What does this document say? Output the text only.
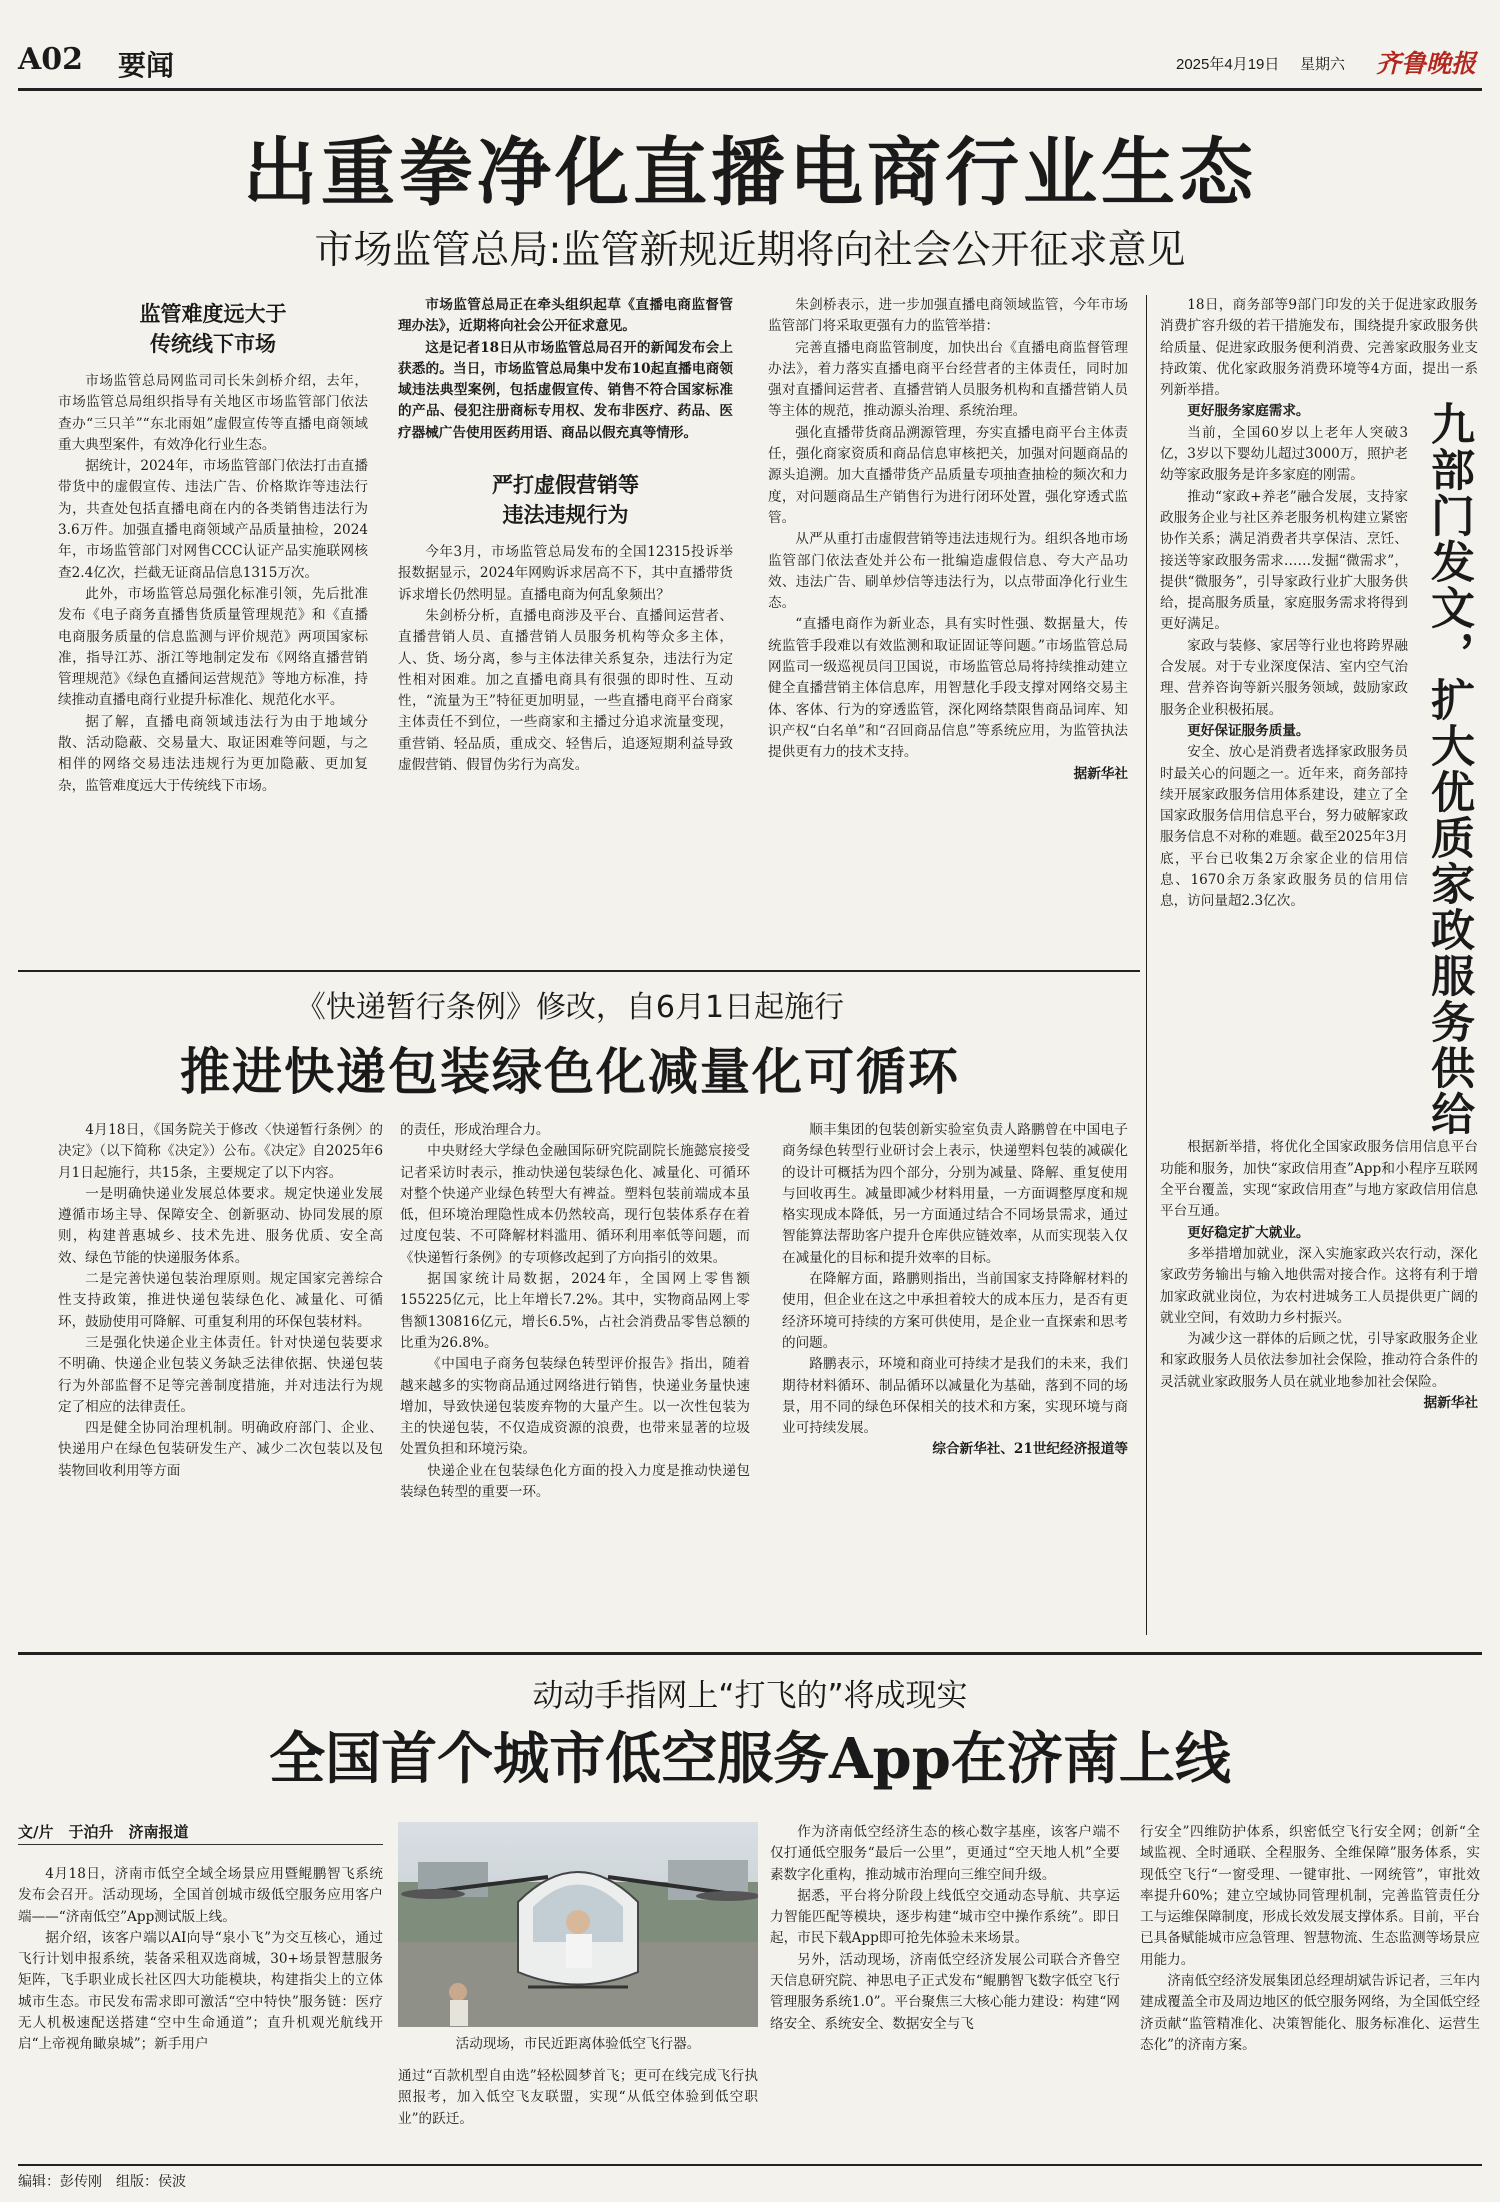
A02 要闻	2025年4月19日 星期六 齐鲁晚报
出重拳净化直播电商行业生态
市场监管总局:监管新规近期将向社会公开征求意见
监管难度远大于
传统线下市场

市场监管总局网监司司长朱剑桥介绍，去年，市场监管总局组织指导有关地区市场监管部门依法查办“三只羊”“东北雨姐”虚假宣传等直播电商领域重大典型案件，有效净化行业生态。

据统计，2024年，市场监管部门依法打击直播带货中的虚假宣传、违法广告、价格欺诈等违法行为，共查处包括直播电商在内的各类销售违法行为3.6万件。加强直播电商领域产品质量抽检，2024年，市场监管部门对网售CCC认证产品实施联网核查2.4亿次，拦截无证商品信息1315万次。

此外，市场监管总局强化标准引领，先后批准发布《电子商务直播售货质量管理规范》和《直播电商服务质量的信息监测与评价规范》两项国家标准，指导江苏、浙江等地制定发布《网络直播营销管理规范》《绿色直播间运营规范》等地方标准，持续推动直播电商行业提升标准化、规范化水平。

据了解，直播电商领域违法行为由于地域分散、活动隐蔽、交易量大、取证困难等问题，与之相伴的网络交易违法违规行为更加隐蔽、更加复杂，监管难度远大于传统线下市场。

市场监管总局正在牵头组织起草《直播电商监督管理办法》，近期将向社会公开征求意见。

这是记者18日从市场监管总局召开的新闻发布会上获悉的。当日，市场监管总局集中发布10起直播电商领域违法典型案例，包括虚假宣传、销售不符合国家标准的产品、侵犯注册商标专用权、发布非医疗、药品、医疗器械广告使用医药用语、商品以假充真等情形。

严打虚假营销等
违法违规行为

今年3月，市场监管总局发布的全国12315投诉举报数据显示，2024年网购诉求居高不下，其中直播带货诉求增长仍然明显。直播电商为何乱象频出？

朱剑桥分析，直播电商涉及平台、直播间运营者、直播营销人员、直播营销人员服务机构等众多主体，人、货、场分离，参与主体法律关系复杂，违法行为定性相对困难。加之直播电商具有很强的即时性、互动性，“流量为王”特征更加明显，一些直播电商平台商家主体责任不到位，一些商家和主播过分追求流量变现，重营销、轻品质，重成交、轻售后，追逐短期利益导致虚假营销、假冒伪劣行为高发。

朱剑桥表示，进一步加强直播电商领域监管，今年市场监管部门将采取更强有力的监管举措：

完善直播电商监管制度，加快出台《直播电商监督管理办法》，着力落实直播电商平台经营者的主体责任，同时加强对直播间运营者、直播营销人员服务机构和直播营销人员等主体的规范，推动源头治理、系统治理。

强化直播带货商品溯源管理，夯实直播电商平台主体责任，强化商家资质和商品信息审核把关，加强对问题商品的源头追溯。加大直播带货产品质量专项抽查抽检的频次和力度，对问题商品生产销售行为进行闭环处置，强化穿透式监管。

从严从重打击虚假营销等违法违规行为。组织各地市场监管部门依法查处并公布一批编造虚假信息、夸大产品功效、违法广告、刷单炒信等违法行为，以点带面净化行业生态。

“直播电商作为新业态，具有实时性强、数据量大，传统监管手段难以有效监测和取证固证等问题。”市场监管总局网监司一级巡视员闫卫国说，市场监管总局将持续推动建立健全直播营销主体信息库，用智慧化手段支撑对网络交易主体、客体、行为的穿透监管，深化网络禁限售商品词库、知识产权“白名单”和“召回商品信息”等系统应用，为监管执法提供更有力的技术支持。

据新华社

18日，商务部等9部门印发的关于促进家政服务消费扩容升级的若干措施发布，围绕提升家政服务供给质量、促进家政服务便利消费、完善家政服务业支持政策、优化家政服务消费环境等4方面，提出一系列新举措。

更好服务家庭需求。

当前，全国60岁以上老年人突破3亿，3岁以下婴幼儿超过3000万，照护老幼等家政服务是许多家庭的刚需。

推动“家政+养老”融合发展，支持家政服务企业与社区养老服务机构建立紧密协作关系；满足消费者共享保洁、烹饪、接送等家政服务需求……发掘“微需求”，提供“微服务”，引导家政行业扩大服务供给，提高服务质量，家庭服务需求将得到更好满足。

家政与装修、家居等行业也将跨界融合发展。对于专业深度保洁、室内空气治理、营养咨询等新兴服务领域，鼓励家政服务企业积极拓展。

更好保证服务质量。

安全、放心是消费者选择家政服务员时最关心的问题之一。近年来，商务部持续开展家政服务信用体系建设，建立了全国家政服务信用信息平台，努力破解家政服务信息不对称的难题。截至2025年3月底，平台已收集2万余家企业的信用信息、1670余万条家政服务员的信用信息，访问量超2.3亿次。	九部门发文，扩大优质家政服务供给

根据新举措，将优化全国家政服务信用信息平台功能和服务，加快“家政信用查”App和小程序互联网全平台覆盖，实现“家政信用查”与地方家政信用信息平台互通。

更好稳定扩大就业。

多举措增加就业，深入实施家政兴农行动，深化家政劳务输出与输入地供需对接合作。这将有利于增加家政就业岗位，为农村进城务工人员提供更广阔的就业空间，有效助力乡村振兴。

为减少这一群体的后顾之忧，引导家政服务企业和家政服务人员依法参加社会保险，推动符合条件的灵活就业家政服务人员在就业地参加社会保险。

据新华社

《快递暂行条例》修改，自6月1日起施行
推进快递包装绿色化减量化可循环

4月18日，《国务院关于修改〈快递暂行条例〉的决定》（以下简称《决定》）公布。《决定》自2025年6月1日起施行，共15条，主要规定了以下内容。

一是明确快递业发展总体要求。规定快递业发展遵循市场主导、保障安全、创新驱动、协同发展的原则，构建普惠城乡、技术先进、服务优质、安全高效、绿色节能的快递服务体系。

二是完善快递包装治理原则。规定国家完善综合性支持政策，推进快递包装绿色化、减量化、可循环，鼓励使用可降解、可重复利用的环保包装材料。

三是强化快递企业主体责任。针对快递包装要求不明确、快递企业包装义务缺乏法律依据、快递包装行为外部监督不足等完善制度措施，并对违法行为规定了相应的法律责任。

四是健全协同治理机制。明确政府部门、企业、快递用户在绿色包装研发生产、减少二次包装以及包装物回收利用等方面

的责任，形成治理合力。

中央财经大学绿色金融国际研究院副院长施懿宸接受记者采访时表示，推动快递包装绿色化、减量化、可循环对整个快递产业绿色转型大有裨益。塑料包装前端成本虽低，但环境治理隐性成本仍然较高，现行包装体系存在着过度包装、不可降解材料滥用、循环利用率低等问题，而《快递暂行条例》的专项修改起到了方向指引的效果。

据国家统计局数据，2024年，全国网上零售额155225亿元，比上年增长7.2%。其中，实物商品网上零售额130816亿元，增长6.5%，占社会消费品零售总额的比重为26.8%。

《中国电子商务包装绿色转型评价报告》指出，随着越来越多的实物商品通过网络进行销售，快递业务量快速增加，导致快递包装废弃物的大量产生。以一次性包装为主的快递包装，不仅造成资源的浪费，也带来显著的垃圾处置负担和环境污染。

快递企业在包装绿色化方面的投入力度是推动快递包装绿色转型的重要一环。

顺丰集团的包装创新实验室负责人路鹏曾在中国电子商务绿色转型行业研讨会上表示，快递塑料包装的减碳化的设计可概括为四个部分，分别为减量、降解、重复使用与回收再生。减量即减少材料用量，一方面调整厚度和规格实现成本降低，另一方面通过结合不同场景需求，通过智能算法帮助客户提升仓库供应链效率，从而实现装入仅在减量化的目标和提升效率的目标。

在降解方面，路鹏则指出，当前国家支持降解材料的使用，但企业在这之中承担着较大的成本压力，是否有更经济环境可持续的方案可供使用，是企业一直探索和思考的问题。

路鹏表示，环境和商业可持续才是我们的未来，我们期待材料循环、制品循环以减量化为基础，落到不同的场景，用不同的绿色环保相关的技术和方案，实现环境与商业可持续发展。

综合新华社、21世纪经济报道等

动动手指网上“打飞的”将成现实
全国首个城市低空服务App在济南上线
文/片　于泊升　济南报道

4月18日，济南市低空全域全场景应用暨鲲鹏智飞系统发布会召开。活动现场，全国首创城市级低空服务应用客户端——“济南低空”App测试版上线。

据介绍，该客户端以AI向导“泉小飞”为交互核心，通过飞行计划申报系统，装备采租双选商城，30+场景智慧服务矩阵，飞手职业成长社区四大功能模块，构建指尖上的立体城市生态。市民发布需求即可激活“空中特快”服务链：医疗无人机极速配送搭建“空中生命通道”；直升机观光航线开启“上帝视角瞰泉城”；新手用户	活动现场，市民近距离体验低空飞行器。

通过“百款机型自由选”轻松圆梦首飞；更可在线完成飞行执照报考，加入低空飞友联盟，实现“从低空体验到低空职业”的跃迁。

作为济南低空经济生态的核心数字基座，该客户端不仅打通低空服务“最后一公里”，更通过“空天地人机”全要素数字化重构，推动城市治理向三维空间升级。

据悉，平台将分阶段上线低空交通动态导航、共享运力智能匹配等模块，逐步构建“城市空中操作系统”。即日起，市民下载App即可抢先体验未来场景。

另外，活动现场，济南低空经济发展公司联合齐鲁空天信息研究院、神思电子正式发布“鲲鹏智飞数字低空飞行管理服务系统1.0”。平台聚焦三大核心能力建设：构建“网络安全、系统安全、数据安全与飞

行安全”四维防护体系，织密低空飞行安全网；创新“全域监视、全时通联、全程服务、全维保障”服务体系，实现低空飞行“一窗受理、一键审批、一网统管”，审批效率提升60%；建立空域协同管理机制，完善监管责任分工与运维保障制度，形成长效发展支撑体系。目前，平台已具备赋能城市应急管理、智慧物流、生态监测等场景应用能力。

济南低空经济发展集团总经理胡斌告诉记者，三年内建成覆盖全市及周边地区的低空服务网络，为全国低空经济贡献“监管精准化、决策智能化、服务标准化、运营生态化”的济南方案。

编辑：彭传刚　组版：侯波
